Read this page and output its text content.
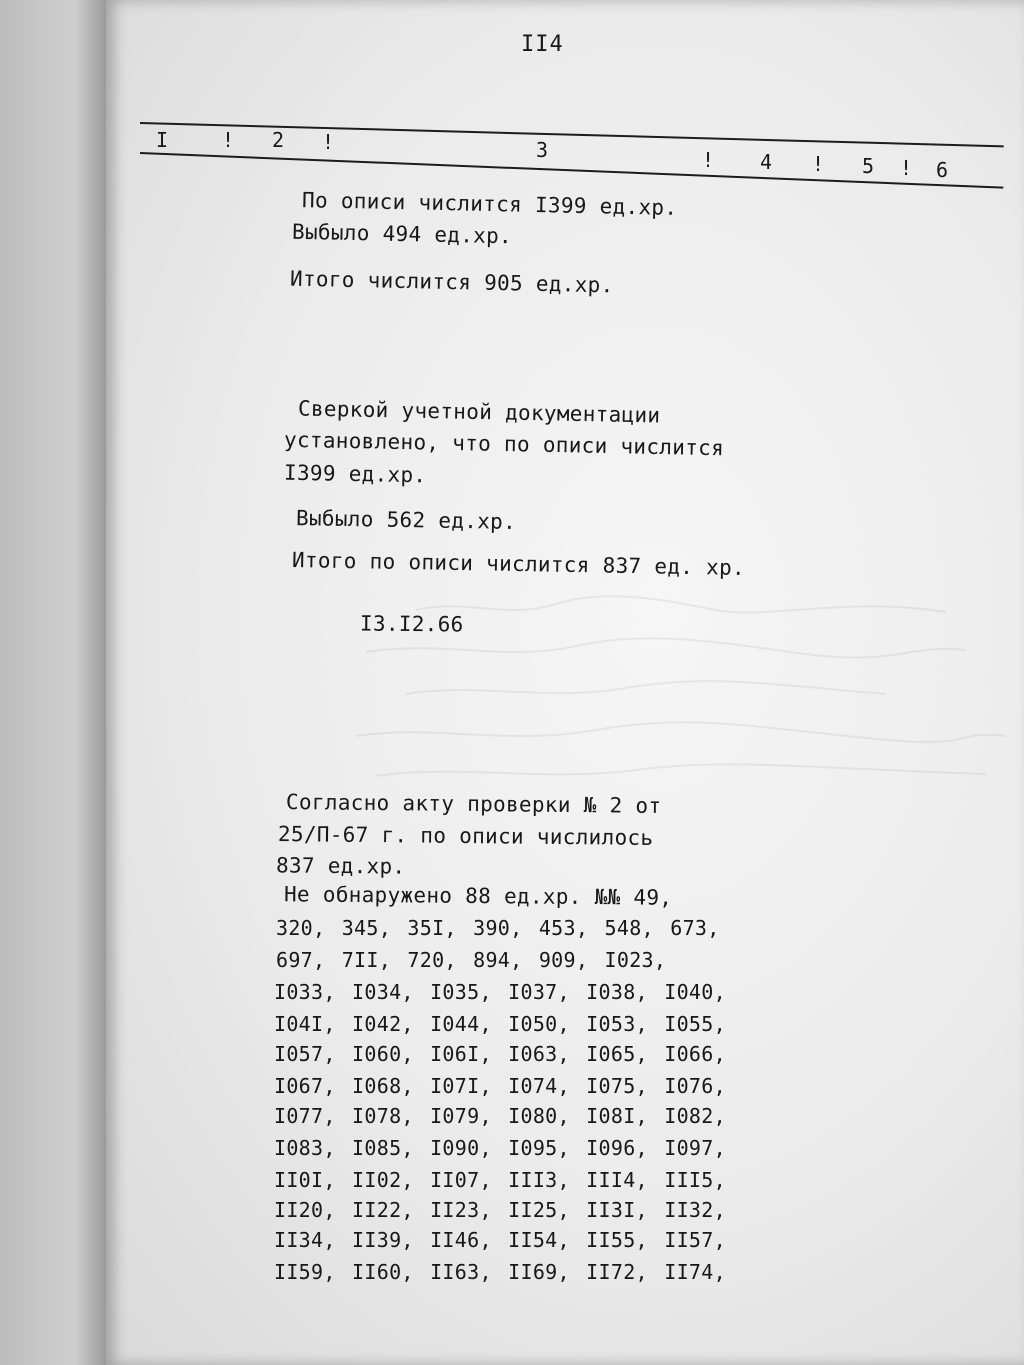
II4
I	! 2 !	3	! 4 ! 5 ! 6
По описи числится I399 ед.хр.
Выбыло 494 ед.хр.
Итого числится 905 ед.хр.
Сверкой учетной документации
установлено, что по описи числится
I399 ед.хр.
Выбыло 562 ед.хр.
Итого по описи числится 837 ед. хр.
I3.I2.66
Согласно акту проверки № 2 от
25/П-67 г. по описи числилось
837 ед.хр.
Не обнаружено 88 ед.хр. №№ 49,
320, 345, 35I, 390, 453, 548, 673,
697, 7II, 720, 894, 909, I023,
I033, I034, I035, I037, I038, I040,
I04I, I042, I044, I050, I053, I055,
I057, I060, I06I, I063, I065, I066,
I067, I068, I07I, I074, I075, I076,
I077, I078, I079, I080, I08I, I082,
I083, I085, I090, I095, I096, I097,
II0I, II02, II07, III3, III4, III5,
II20, II22, II23, II25, II3I, II32,
II34, II39, II46, II54, II55, II57,
II59, II60, II63, II69, II72, II74,
